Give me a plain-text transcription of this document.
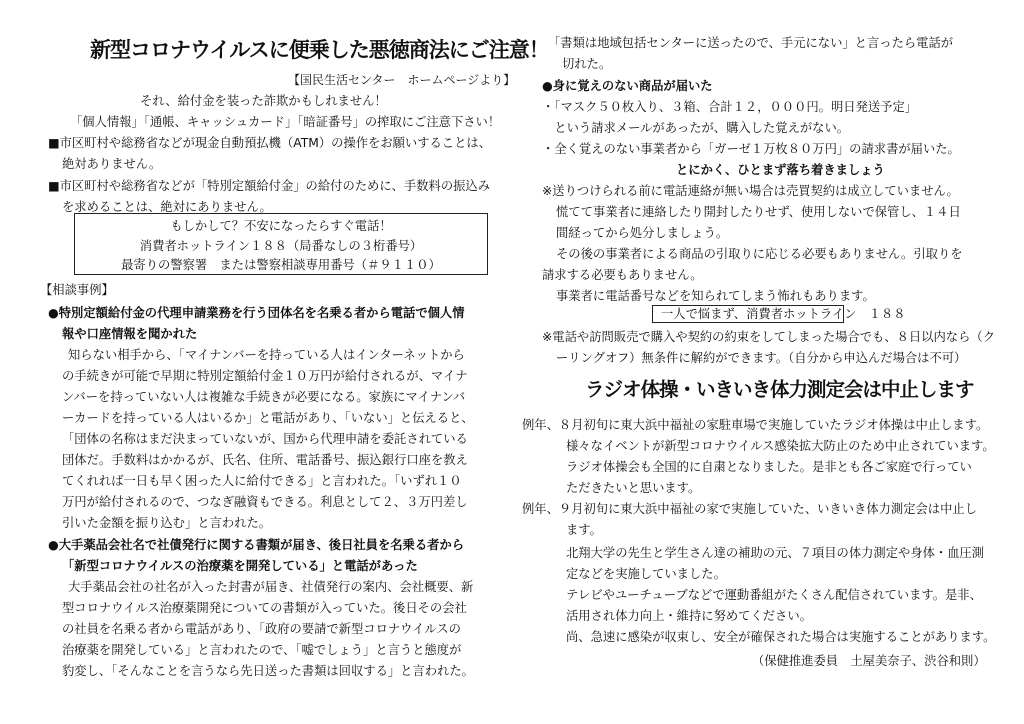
新型コロナウイルスに便乗した悪徳商法にご注意！
【国民生活センター　ホームページより】
それ、給付金を装った詐欺かもしれません！
「個人情報」「通帳、キャッシュカード」「暗証番号」の搾取にご注意下さい！
■市区町村や総務省などが現金自動預払機（ATM）の操作をお願いすることは、
絶対ありません。
■市区町村や総務省などが「特別定額給付金」の給付のために、手数料の振込み
を求めることは、絶対にありません。
もしかして？不安になったらすぐ電話！
消費者ホットライン１８８（局番なしの３桁番号）
最寄りの警察署　または警察相談専用番号（＃９１１０）
【相談事例】
●特別定額給付金の代理申請業務を行う団体名を名乗る者から電話で個人情
報や口座情報を聞かれた
知らない相手から、「マイナンバーを持っている人はインターネットから
の手続きが可能で早期に特別定額給付金１０万円が給付されるが、マイナ
ンバーを持っていない人は複雑な手続きが必要になる。家族にマイナンバ
ーカードを持っている人はいるか」と電話があり、「いない」と伝えると、
「団体の名称はまだ決まっていないが、国から代理申請を委託されている
団体だ。手数料はかかるが、氏名、住所、電話番号、振込銀行口座を教え
てくれれば一日も早く困った人に給付できる」と言われた。「いずれ１０
万円が給付されるので、つなぎ融資もできる。利息として２、３万円差し
引いた金額を振り込む」と言われた。
●大手薬品会社名で社債発行に関する書類が届き、後日社員を名乗る者から
「新型コロナウイルスの治療薬を開発している」と電話があった
大手薬品会社の社名が入った封書が届き、社債発行の案内、会社概要、新
型コロナウイルス治療薬開発についての書類が入っていた。後日その会社
の社員を名乗る者から電話があり、「政府の要請で新型コロナウイルスの
治療薬を開発している」と言われたので、「嘘でしょう」と言うと態度が
豹変し、「そんなことを言うなら先日送った書類は回収する」と言われた。
「書類は地域包括センターに送ったので、手元にない」と言ったら電話が
切れた。
●身に覚えのない商品が届いた
・「マスク５０枚入り、３箱、合計１２，０００円。明日発送予定」
　という請求メールがあったが、購入した覚えがない。
・全く覚えのない事業者から「ガーゼ１万枚８０万円」の請求書が届いた。
とにかく、ひとまず落ち着きましょう
※送りつけられる前に電話連絡が無い場合は売買契約は成立していません。
慌てて事業者に連絡したり開封したりせず、使用しないで保管し、１４日
間経ってから処分しましょう。
その後の事業者による商品の引取りに応じる必要もありません。引取りを
請求する必要もありません。
事業者に電話番号などを知られてしまう怖れもあります。
一人で悩まず、消費者ホットライン　１８８
※電話や訪問販売で購入や契約の約束をしてしまった場合でも、８日以内なら（ク
ーリングオフ）無条件に解約ができます。（自分から申込んだ場合は不可）
ラジオ体操・いきいき体力測定会は中止します
例年、８月初旬に東大浜中福祉の家駐車場で実施していたラジオ体操は中止します。
様々なイベントが新型コロナウイルス感染拡大防止のため中止されています。
ラジオ体操会も全国的に自粛となりました。是非とも各ご家庭で行ってい
ただきたいと思います。
例年、９月初旬に東大浜中福祉の家で実施していた、いきいき体力測定会は中止し
ます。
北翔大学の先生と学生さん達の補助の元、７項目の体力測定や身体・血圧測
定などを実施していました。
テレビやユーチューブなどで運動番組がたくさん配信されています。是非、
活用され体力向上・維持に努めてください。
尚、急速に感染が収束し、安全が確保された場合は実施することがあります。
（保健推進委員　土屋美奈子、渋谷和則）
